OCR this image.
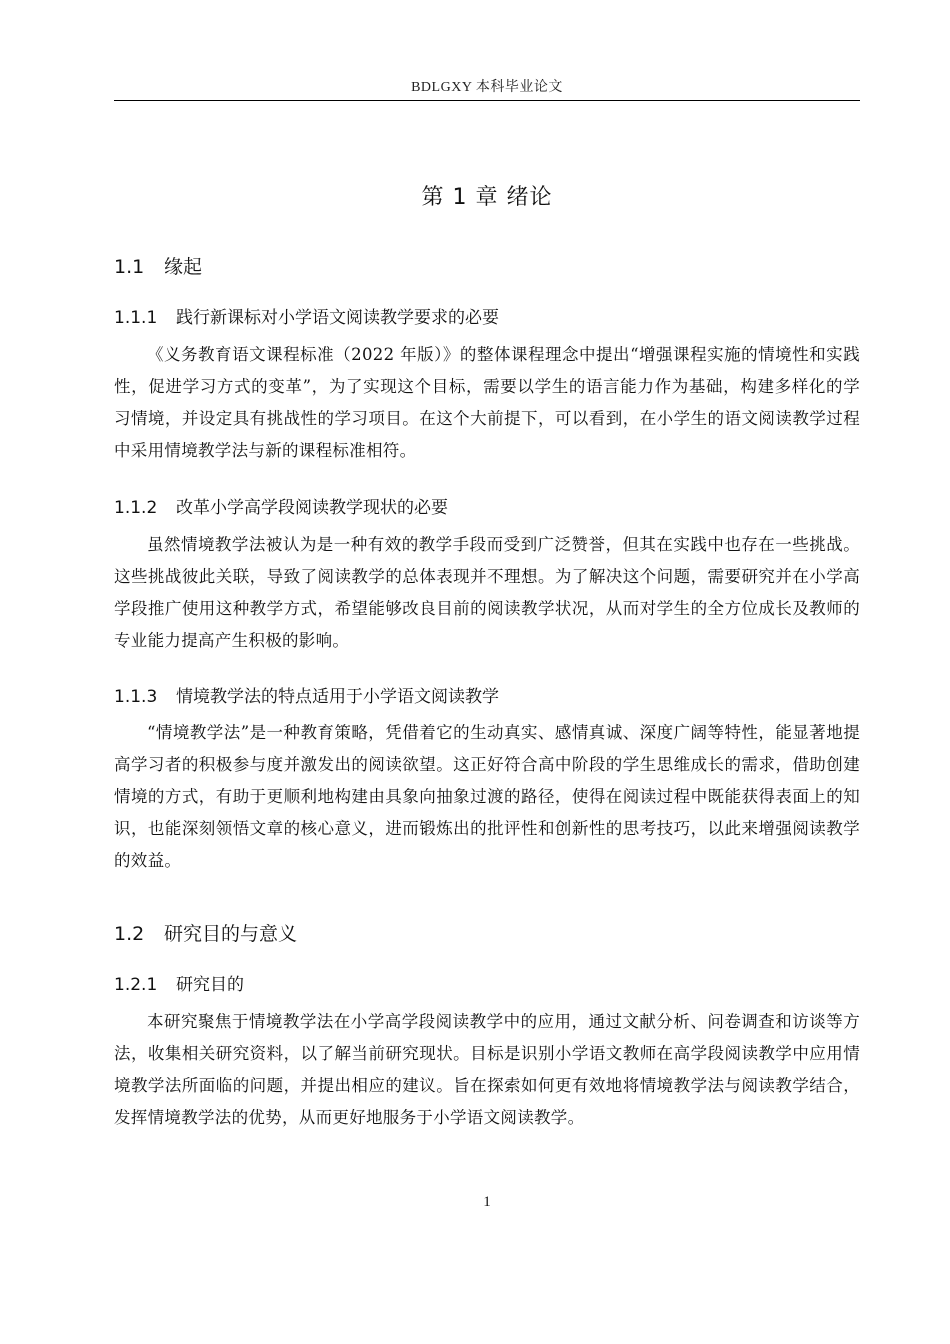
BDLGXY 本科毕业论文
第 1 章 绪论
1.1 缘起
1.1.1 践行新课标对小学语文阅读教学要求的必要

《义务教育语文课程标准（2022 年版）》的整体课程理念中提出“增强课程实施的情境性和实践性，促进学习方式的变革”，为了实现这个目标，需要以学生的语言能力作为基础，构建多样化的学习情境，并设定具有挑战性的学习项目。在这个大前提下，可以看到，在小学生的语文阅读教学过程中采用情境教学法与新的课程标准相符。

1.1.2 改革小学高学段阅读教学现状的必要

虽然情境教学法被认为是一种有效的教学手段而受到广泛赞誉，但其在实践中也存在一些挑战。这些挑战彼此关联，导致了阅读教学的总体表现并不理想。为了解决这个问题，需要研究并在小学高学段推广使用这种教学方式，希望能够改良目前的阅读教学状况，从而对学生的全方位成长及教师的专业能力提高产生积极的影响。

1.1.3 情境教学法的特点适用于小学语文阅读教学

“情境教学法”是一种教育策略，凭借着它的生动真实、感情真诚、深度广阔等特性，能显著地提高学习者的积极参与度并激发出的阅读欲望。这正好符合高中阶段的学生思维成长的需求，借助创建情境的方式，有助于更顺利地构建由具象向抽象过渡的路径，使得在阅读过程中既能获得表面上的知识，也能深刻领悟文章的核心意义，进而锻炼出的批评性和创新性的思考技巧，以此来增强阅读教学的效益。

1.2 研究目的与意义
1.2.1 研究目的

本研究聚焦于情境教学法在小学高学段阅读教学中的应用，通过文献分析、问卷调查和访谈等方法，收集相关研究资料，以了解当前研究现状。目标是识别小学语文教师在高学段阅读教学中应用情境教学法所面临的问题，并提出相应的建议。旨在探索如何更有效地将情境教学法与阅读教学结合，发挥情境教学法的优势，从而更好地服务于小学语文阅读教学。

1
